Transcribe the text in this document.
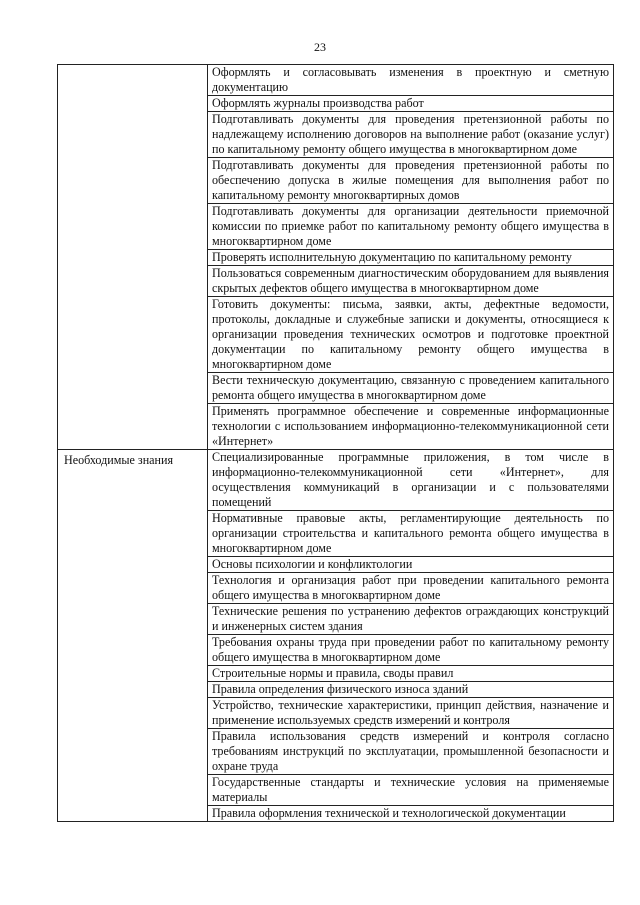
23
	Оформлять и согласовывать изменения в проектную и сметную документацию
	Оформлять журналы производства работ
	Подготавливать документы для проведения претензионной работы по надлежащему исполнению договоров на выполнение работ (оказание услуг) по капитальному ремонту общего имущества в многоквартирном доме
	Подготавливать документы для проведения претензионной работы по обеспечению допуска в жилые помещения для выполнения работ по капитальному ремонту многоквартирных домов
	Подготавливать документы для организации деятельности приемочной комиссии по приемке работ по капитальному ремонту общего имущества в многоквартирном доме
	Проверять исполнительную документацию по капитальному ремонту
	Пользоваться современным диагностическим оборудованием для выявления скрытых дефектов общего имущества в многоквартирном доме
	Готовить документы: письма, заявки, акты, дефектные ведомости, протоколы, докладные и служебные записки и документы, относящиеся к организации проведения технических осмотров и подготовке проектной документации по капитальному ремонту общего имущества в многоквартирном доме
	Вести техническую документацию, связанную с проведением капитального ремонта общего имущества в многоквартирном доме
	Применять программное обеспечение и современные информационные технологии с использованием информационно-телекоммуникационной сети «Интернет»
Необходимые знания	Специализированные программные приложения, в том числе в информационно-телекоммуникационной сети «Интернет», для осуществления коммуникаций в организации и с пользователями помещений
	Нормативные правовые акты, регламентирующие деятельность по организации строительства и капитального ремонта общего имущества в многоквартирном доме
	Основы психологии и конфликтологии
	Технология и организация работ при проведении капитального ремонта общего имущества в многоквартирном доме
	Технические решения по устранению дефектов ограждающих конструкций и инженерных систем здания
	Требования охраны труда при проведении работ по капитальному ремонту общего имущества в многоквартирном доме
	Строительные нормы и правила, своды правил
	Правила определения физического износа зданий
	Устройство, технические характеристики, принцип действия, назначение и применение используемых средств измерений и контроля
	Правила использования средств измерений и контроля согласно требованиям инструкций по эксплуатации, промышленной безопасности и охране труда
	Государственные стандарты и технические условия на применяемые материалы
	Правила оформления технической и технологической документации
